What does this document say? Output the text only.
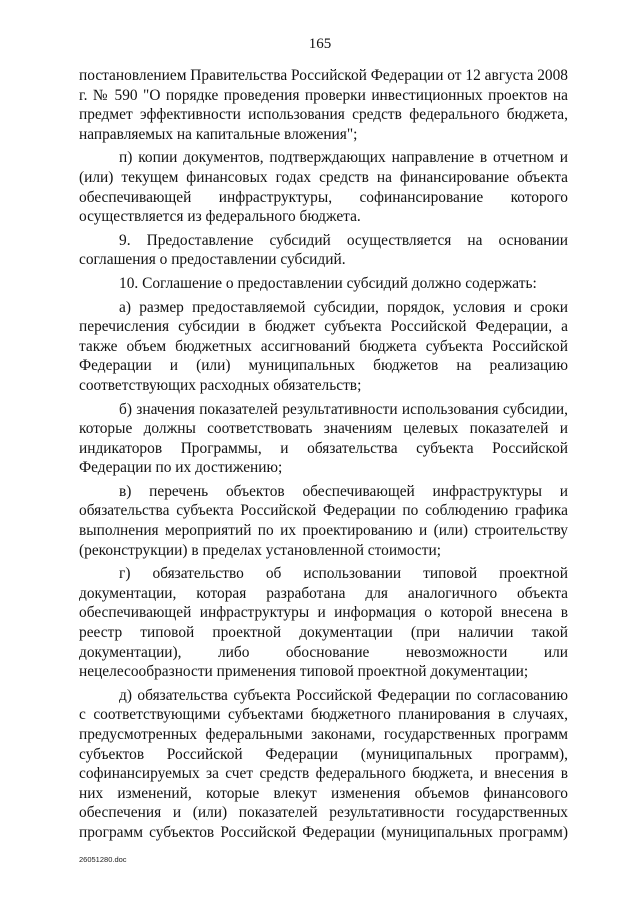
165

постановлением Правительства Российской Федерации от 12 августа 2008 г. № 590 "О порядке проведения проверки инвестиционных проектов на предмет эффективности использования средств федерального бюджета, направляемых на капитальные вложения";

п) копии документов, подтверждающих направление в отчетном и (или) текущем финансовых годах средств на финансирование объекта обеспечивающей инфраструктуры, софинансирование которого осуществляется из федерального бюджета.

9. Предоставление субсидий осуществляется на основании соглашения о предоставлении субсидий.

10. Соглашение о предоставлении субсидий должно содержать:

а) размер предоставляемой субсидии, порядок, условия и сроки перечисления субсидии в бюджет субъекта Российской Федерации, а также объем бюджетных ассигнований бюджета субъекта Российской Федерации и (или) муниципальных бюджетов на реализацию соответствующих расходных обязательств;

б) значения показателей результативности использования субсидии, которые должны соответствовать значениям целевых показателей и индикаторов Программы, и обязательства субъекта Российской Федерации по их достижению;

в) перечень объектов обеспечивающей инфраструктуры и обязательства субъекта Российской Федерации по соблюдению графика выполнения мероприятий по их проектированию и (или) строительству (реконструкции) в пределах установленной стоимости;

г) обязательство об использовании типовой проектной документации, которая разработана для аналогичного объекта обеспечивающей инфраструктуры и информация о которой внесена в реестр типовой проектной документации (при наличии такой документации), либо обоснование невозможности или нецелесообразности применения типовой проектной документации;

д) обязательства субъекта Российской Федерации по согласованию с соответствующими субъектами бюджетного планирования в случаях, предусмотренных федеральными законами, государственных программ субъектов Российской Федерации (муниципальных программ), софинансируемых за счет средств федерального бюджета, и внесения в них изменений, которые влекут изменения объемов финансового обеспечения и (или) показателей результативности государственных программ субъектов Российской Федерации (муниципальных программ)

26051280.doc
